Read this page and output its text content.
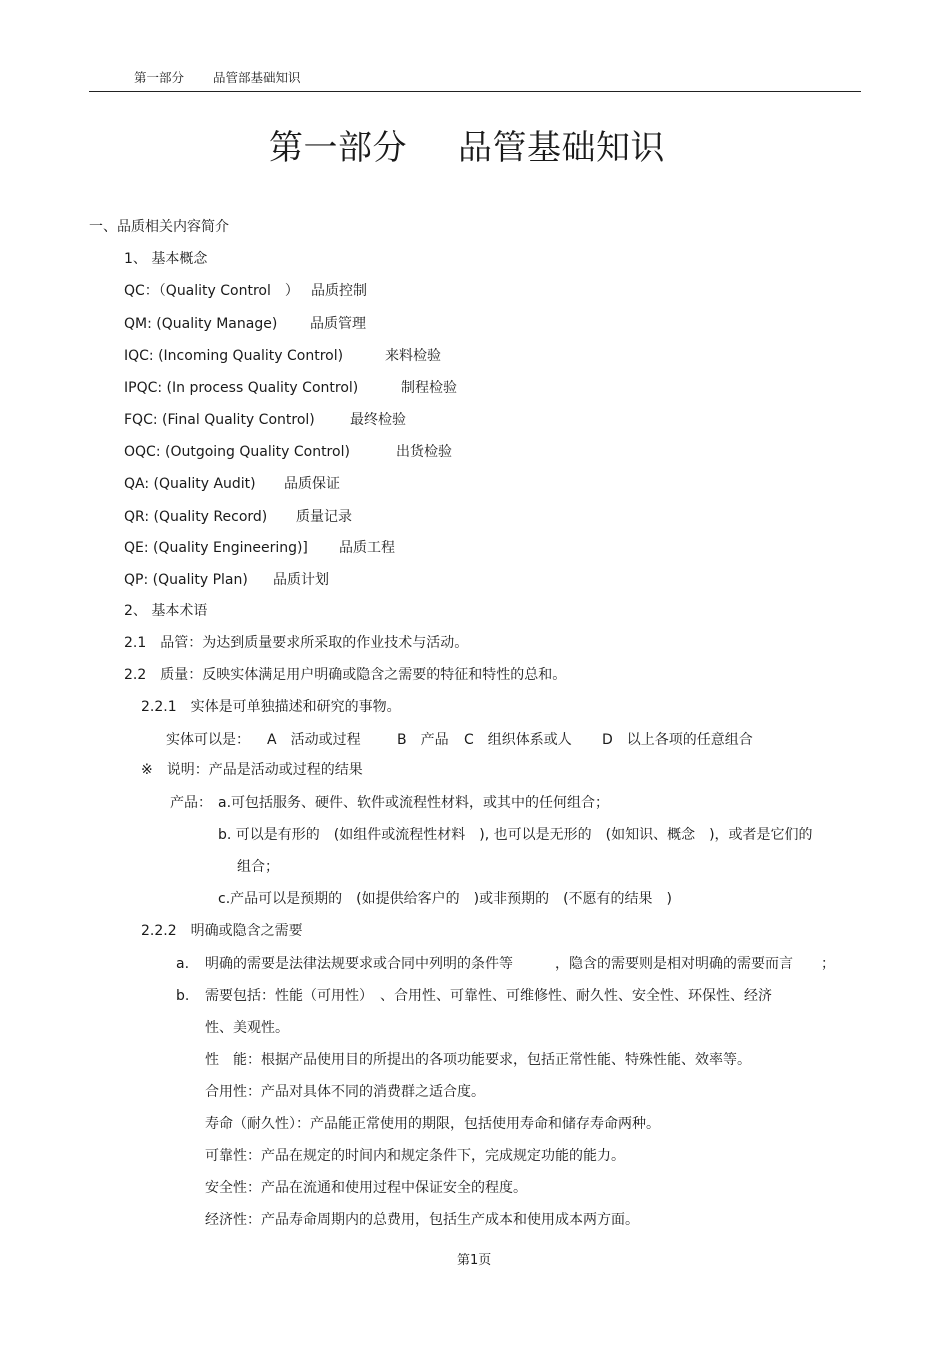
第一部分 品管部基础知识
第一部分 品管基础知识
一、品质相关内容简介
1、 基本概念
QC：（Quality Control　） 品质控制
QM: (Quality Manage) 品质管理
IQC: (Incoming Quality Control)	来料检验
IPQC: (In process Quality Control)	制程检验
FQC: (Final Quality Control)	最终检验
OQC: (Outgoing Quality Control)	出货检验
QA: (Quality Audit) 品质保证
QR: (Quality Record) 质量记录
QE: (Quality Engineering)] 品质工程
QP: (Quality Plan) 品质计划
2、 基本术语
2.1　品管：为达到质量要求所采取的作业技术与活动。
2.2　质量：反映实体满足用户明确或隐含之需要的特征和特性的总和。
2.2.1　实体是可单独描述和研究的事物。
实体可以是： A　活动或过程	B　产品 C　组织体系或人 D　以上各项的任意组合
※　说明：产品是活动或过程的结果
产品： a.可包括服务、硬件、软件或流程性材料，或其中的任何组合；
b. 可以是有形的　(如组件或流程性材料　), 也可以是无形的　(如知识、概念　)，或者是它们的
组合；
c.产品可以是预期的　(如提供给客户的　)或非预期的　(不愿有的结果　)
2.2.2　明确或隐含之需要
a. 明确的需要是法律法规要求或合同中列明的条件等　　　，隐含的需要则是相对明确的需要而言　　；
b. 需要包括：性能（可用性）　、合用性、可靠性、可维修性、耐久性、安全性、环保性、经济
性、美观性。
性　能：根据产品使用目的所提出的各项功能要求，包括正常性能、特殊性能、效率等。
合用性：产品对具体不同的消费群之适合度。
寿命（耐久性）：产品能正常使用的期限，包括使用寿命和储存寿命两种。
可靠性：产品在规定的时间内和规定条件下，完成规定功能的能力。
安全性：产品在流通和使用过程中保证安全的程度。
经济性：产品寿命周期内的总费用，包括生产成本和使用成本两方面。
第1页
